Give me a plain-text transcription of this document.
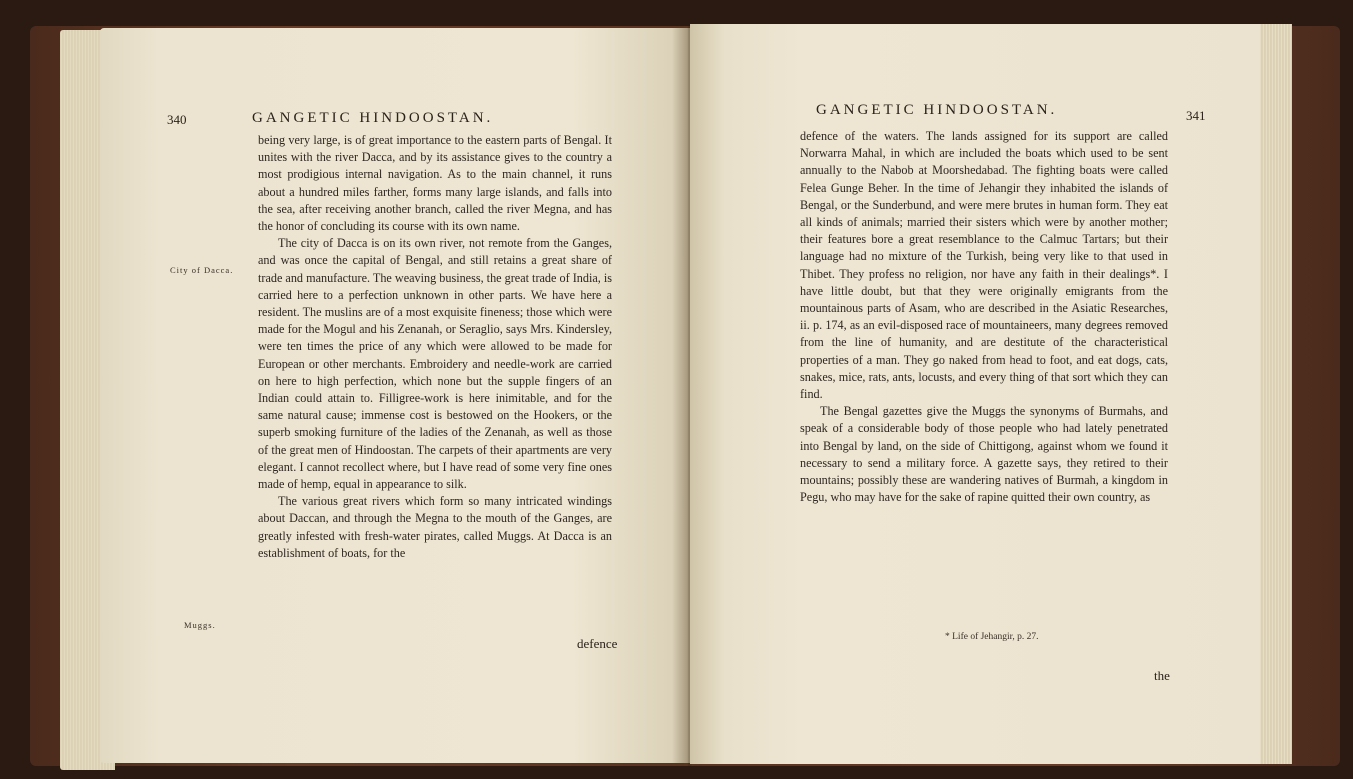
340	GANGETIC HINDOOSTAN.
City of Dacca.
Muggs.

being very large, is of great importance to the eastern parts of Bengal. It unites with the river Dacca, and by its assistance gives to the country a most prodigious internal navigation. As to the main channel, it runs about a hundred miles farther, forms many large islands, and falls into the sea, after receiving another branch, called the river Megna, and has the honor of concluding its course with its own name.

The city of Dacca is on its own river, not remote from the Ganges, and was once the capital of Bengal, and still retains a great share of trade and manufacture. The weaving business, the great trade of India, is carried here to a perfection unknown in other parts. We have here a resident. The muslins are of a most exquisite fineness; those which were made for the Mogul and his Zenanah, or Seraglio, says Mrs. Kindersley, were ten times the price of any which were allowed to be made for European or other merchants. Embroidery and needle-work are carried on here to high perfection, which none but the supple fingers of an Indian could attain to. Filligree-work is here inimitable, and for the same natural cause; immense cost is bestowed on the Hookers, or the superb smoking furniture of the ladies of the Zenanah, as well as those of the great men of Hindoostan. The carpets of their apartments are very elegant. I cannot recollect where, but I have read of some very fine ones made of hemp, equal in appearance to silk.

The various great rivers which form so many intricated windings about Daccan, and through the Megna to the mouth of the Ganges, are greatly infested with fresh-water pirates, called Muggs. At Dacca is an establishment of boats, for the

defence
GANGETIC HINDOOSTAN.	341

defence of the waters. The lands assigned for its support are called Norwarra Mahal, in which are included the boats which used to be sent annually to the Nabob at Moorshedabad. The fighting boats were called Felea Gunge Beher. In the time of Jehangir they inhabited the islands of Bengal, or the Sunderbund, and were mere brutes in human form. They eat all kinds of animals; married their sisters which were by another mother; their features bore a great resemblance to the Calmuc Tartars; but their language had no mixture of the Turkish, being very like to that used in Thibet. They profess no religion, nor have any faith in their dealings*. I have little doubt, but that they were originally emigrants from the mountainous parts of Asam, who are described in the Asiatic Researches, ii. p. 174, as an evil-disposed race of mountaineers, many degrees removed from the line of humanity, and are destitute of the characteristical properties of a man. They go naked from head to foot, and eat dogs, cats, snakes, mice, rats, ants, locusts, and every thing of that sort which they can find.

The Bengal gazettes give the Muggs the synonyms of Burmahs, and speak of a considerable body of those people who had lately penetrated into Bengal by land, on the side of Chittigong, against whom we found it necessary to send a military force. A gazette says, they retired to their mountains; possibly these are wandering natives of Burmah, a kingdom in Pegu, who may have for the sake of rapine quitted their own country, as

* Life of Jehangir, p. 27.
the
